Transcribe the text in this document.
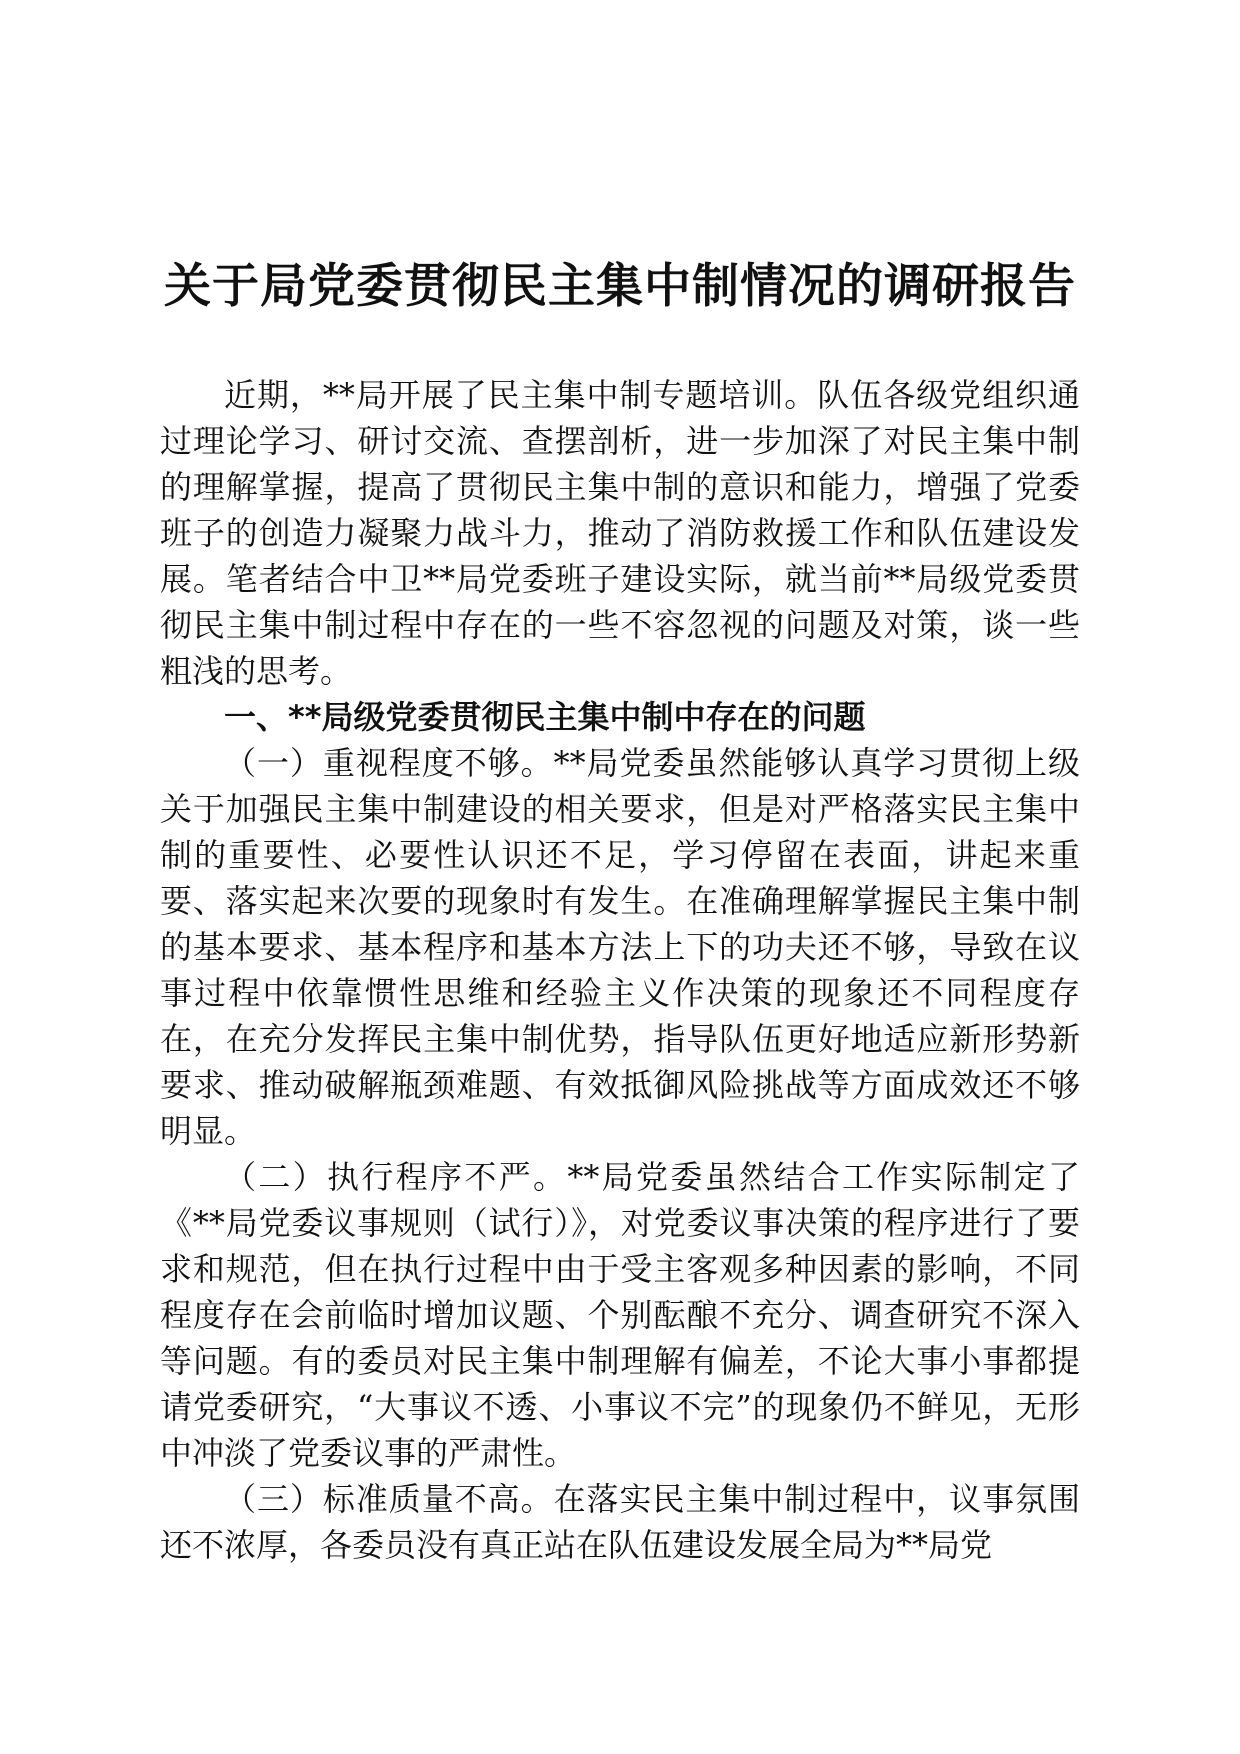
关于局党委贯彻民主集中制情况的调研报告

近期，**局开展了民主集中制专题培训。队伍各级党组织通过理论学习、研讨交流、查摆剖析，进一步加深了对民主集中制的理解掌握，提高了贯彻民主集中制的意识和能力，增强了党委班子的创造力凝聚力战斗力，推动了消防救援工作和队伍建设发展。笔者结合中卫**局党委班子建设实际，就当前**局级党委贯彻民主集中制过程中存在的一些不容忽视的问题及对策，谈一些粗浅的思考。

一、**局级党委贯彻民主集中制中存在的问题

（一）重视程度不够。**局党委虽然能够认真学习贯彻上级关于加强民主集中制建设的相关要求，但是对严格落实民主集中制的重要性、必要性认识还不足，学习停留在表面，讲起来重要、落实起来次要的现象时有发生。在准确理解掌握民主集中制的基本要求、基本程序和基本方法上下的功夫还不够，导致在议事过程中依靠惯性思维和经验主义作决策的现象还不同程度存在，在充分发挥民主集中制优势，指导队伍更好地适应新形势新要求、推动破解瓶颈难题、有效抵御风险挑战等方面成效还不够明显。

（二）执行程序不严。**局党委虽然结合工作实际制定了《**局党委议事规则（试行）》，对党委议事决策的程序进行了要求和规范，但在执行过程中由于受主客观多种因素的影响，不同程度存在会前临时增加议题、个别酝酿不充分、调查研究不深入等问题。有的委员对民主集中制理解有偏差，不论大事小事都提请党委研究，“大事议不透、小事议不完”的现象仍不鲜见，无形中冲淡了党委议事的严肃性。

（三）标准质量不高。在落实民主集中制过程中，议事氛围还不浓厚，各委员没有真正站在队伍建设发展全局为**局党
